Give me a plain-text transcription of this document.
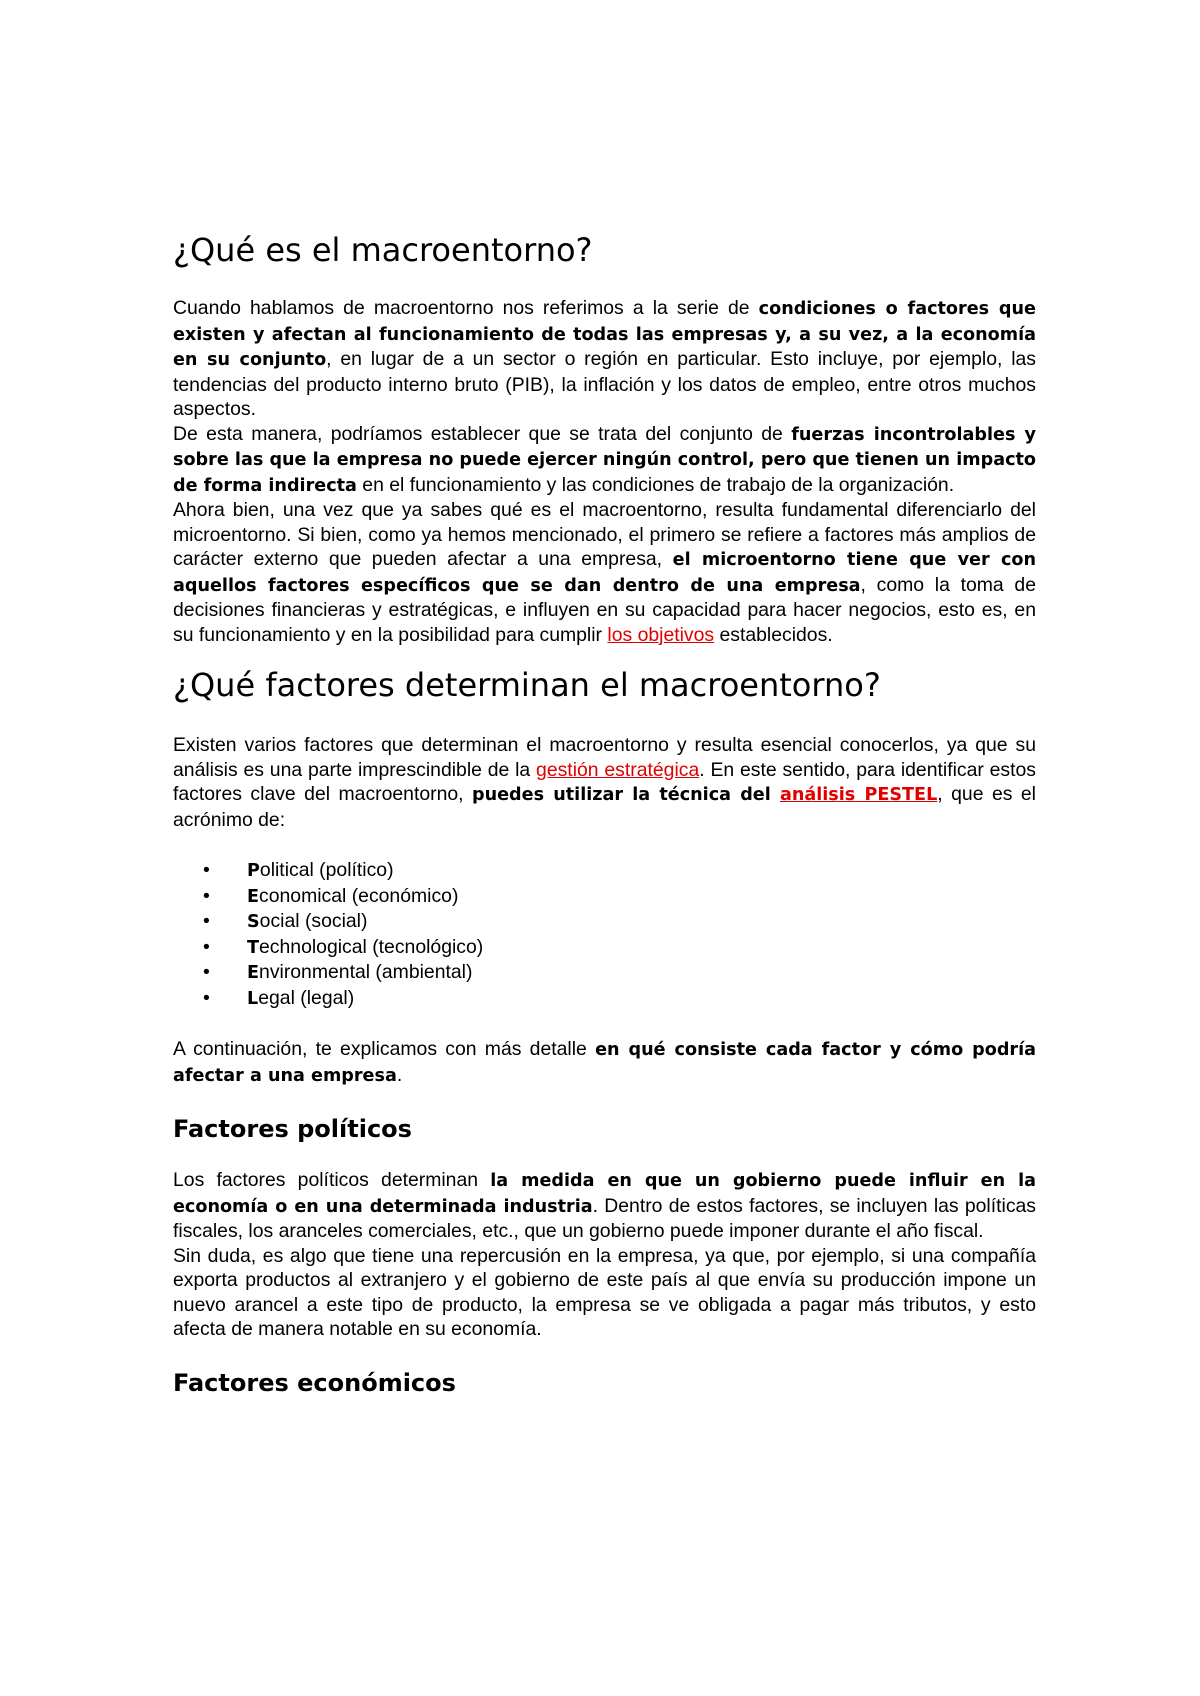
¿Qué es el macroentorno?

Cuando hablamos de macroentorno nos referimos a la serie de condiciones o factores que existen y afectan al funcionamiento de todas las empresas y, a su vez, a la economía en su conjunto, en lugar de a un sector o región en particular. Esto incluye, por ejemplo, las tendencias del producto interno bruto (PIB), la inflación y los datos de empleo, entre otros muchos aspectos.

De esta manera, podríamos establecer que se trata del conjunto de fuerzas incontrolables y sobre las que la empresa no puede ejercer ningún control, pero que tienen un impacto de forma indirecta en el funcionamiento y las condiciones de trabajo de la organización.

Ahora bien, una vez que ya sabes qué es el macroentorno, resulta fundamental diferenciarlo del microentorno. Si bien, como ya hemos mencionado, el primero se refiere a factores más amplios de carácter externo que pueden afectar a una empresa, el microentorno tiene que ver con aquellos factores específicos que se dan dentro de una empresa, como la toma de decisiones financieras y estratégicas, e influyen en su capacidad para hacer negocios, esto es, en su funcionamiento y en la posibilidad para cumplir los objetivos establecidos.

¿Qué factores determinan el macroentorno?

Existen varios factores que determinan el macroentorno y resulta esencial conocerlos, ya que su análisis es una parte imprescindible de la gestión estratégica. En este sentido, para identificar estos factores clave del macroentorno, puedes utilizar la técnica del análisis PESTEL, que es el acrónimo de:

• Political (político)
• Economical (económico)
• Social (social)
• Technological (tecnológico)
• Environmental (ambiental)
• Legal (legal)

A continuación, te explicamos con más detalle en qué consiste cada factor y cómo podría afectar a una empresa.

Factores políticos

Los factores políticos determinan la medida en que un gobierno puede influir en la economía o en una determinada industria. Dentro de estos factores, se incluyen las políticas fiscales, los aranceles comerciales, etc., que un gobierno puede imponer durante el año fiscal.

Sin duda, es algo que tiene una repercusión en la empresa, ya que, por ejemplo, si una compañía exporta productos al extranjero y el gobierno de este país al que envía su producción impone un nuevo arancel a este tipo de producto, la empresa se ve obligada a pagar más tributos, y esto afecta de manera notable en su economía.

Factores económicos
